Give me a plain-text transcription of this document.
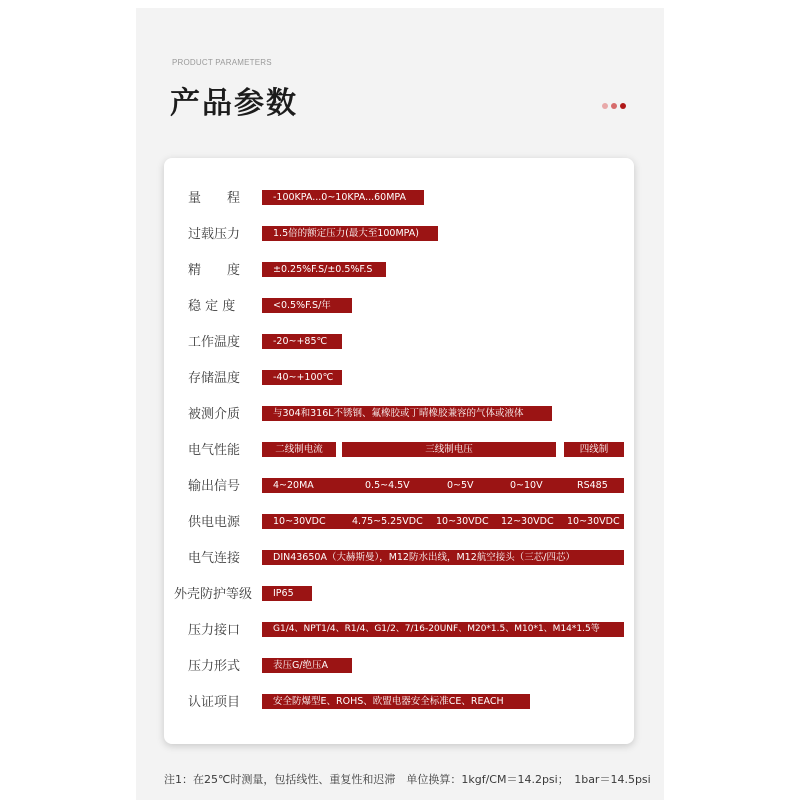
PRODUCT PARAMETERS
产品参数
量　　程	-100KPA...0~10KPA...60MPA
过载压力	1.5倍的额定压力(最大至100MPA)
精　　度	±0.25%F.S/±0.5%F.S
稳 定 度	<0.5%F.S/年
工作温度	-20~+85℃
存储温度	-40~+100℃
被测介质	与304和316L不锈钢、氟橡胶或丁晴橡胶兼容的气体或液体
电气性能	二线制电流	三线制电压	四线制
输出信号	4~20MA	0.5~4.5V	0~5V	0~10V	RS485
供电电源	10~30VDC	4.75~5.25VDC 10~30VDC 12~30VDC 10~30VDC
电气连接	DIN43650A（大赫斯曼），M12防水出线，M12航空接头（三芯/四芯）
外壳防护等级	IP65
压力接口	G1/4、NPT1/4、R1/4、G1/2、7/16-20UNF、M20*1.5、M10*1、M14*1.5等
压力形式	表压G/绝压A
认证项目	安全防爆型E、ROHS、欧盟电器安全标准CE、REACH
注1：在25℃时测量，包括线性、重复性和迟滞　单位换算：1kgf/CM＝14.2psi；　1bar＝14.5psi
